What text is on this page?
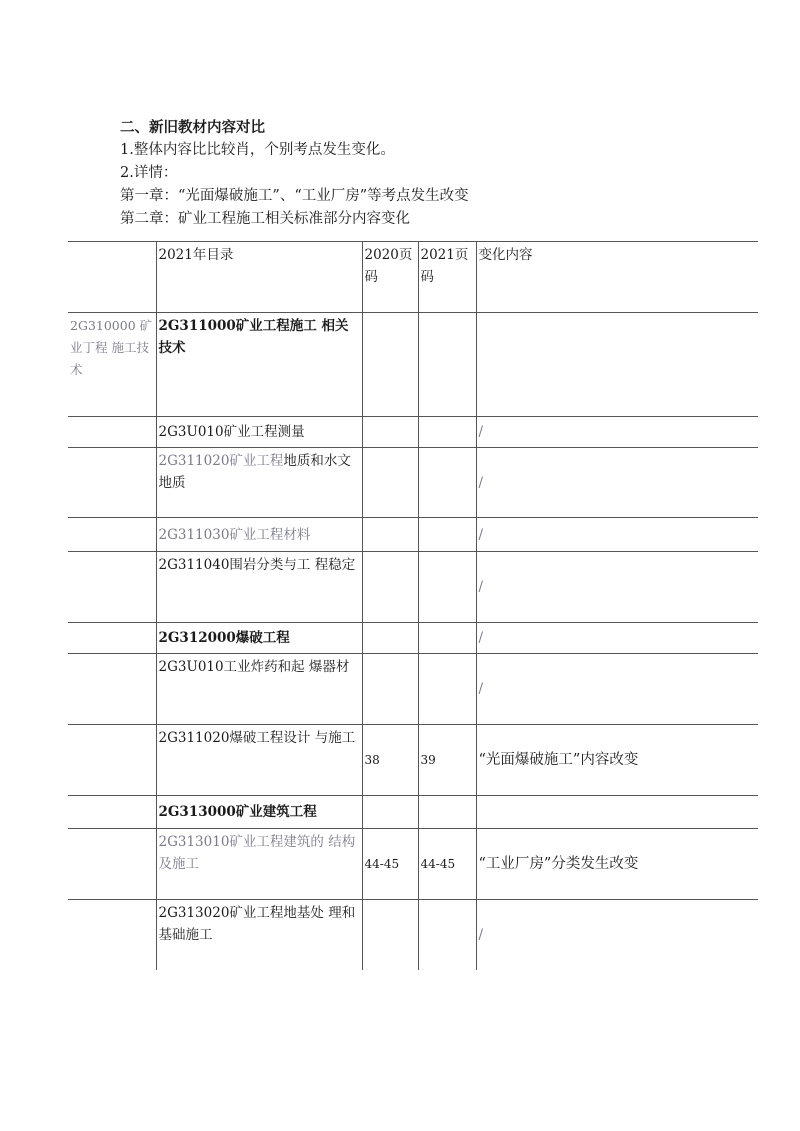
二、新旧教材内容对比
1.整体内容比比较肖，个别考点发生变化。
2.详情：
第一章：“光面爆破施工”、“工业厂房”等考点发生改变
第二章：矿业工程施工相关标准部分内容变化
	2021年目录	2020页码	2021页码	变化内容
2G310000 矿业丁程 施工技术	2G311000矿业工程施工 相关技术			
	2G3U010矿业工程测量			/
	2G311020矿业工程地质和水文地质			/
	2G311030矿业工程材料			/
	2G311040围岩分类与工 程稳定			/
	2G312000爆破工程			/
	2G3U010工业炸药和起 爆器材			/
	2G311020爆破工程设计 与施工	38	39	“光面爆破施工”内容改变
	2G313000矿业建筑工程			
	2G313010矿业工程建筑的 结构及施工	44-45	44-45	“工业厂房”分类发生改变
	2G313020矿业工程地基处 理和基础施工			/
